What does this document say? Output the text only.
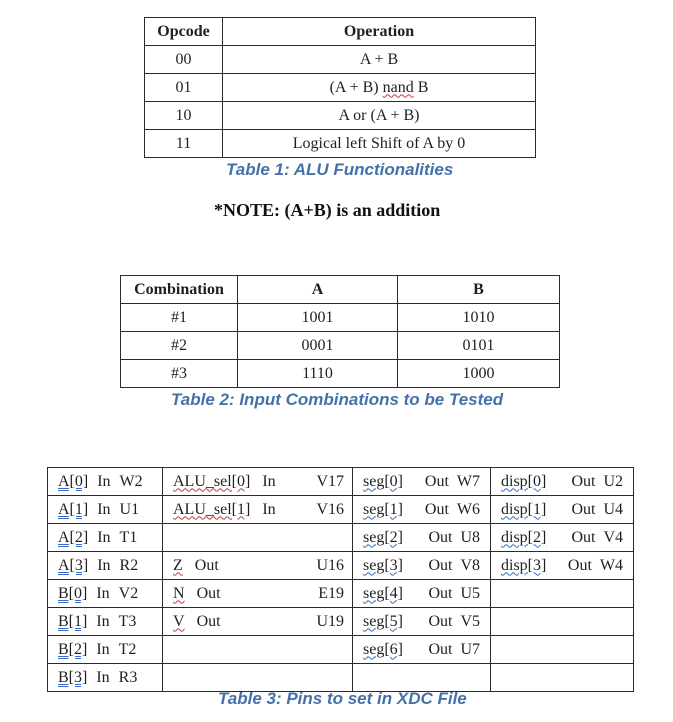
Opcode	Operation
00	A + B
01	(A + B) nand B
10	A or (A + B)
11	Logical left Shift of A by 0
Table 1: ALU Functionalities
*NOTE: (A+B) is an addition
Combination	A	B
#1	1001	1010
#2	0001	0101
#3	1110	1000
Table 2: Input Combinations to be Tested
A[0] In W2	ALU_sel[0] In V17	seg[0] Out W7	disp[0] Out U2

A[1] In U1	ALU_sel[1] In V16	seg[1] Out W6	disp[1] Out U4

A[2] In T1		seg[2] Out U8	disp[2] Out V4

A[3] In R2	Z Out U16	seg[3] Out V8	disp[3] Out W4

B[0] In V2	N Out E19	seg[4] Out U5	

B[1] In T3	V Out U19	seg[5] Out V5	

B[2] In T2		seg[6] Out U7	

B[3] In R3			

Table 3: Pins to set in XDC File
